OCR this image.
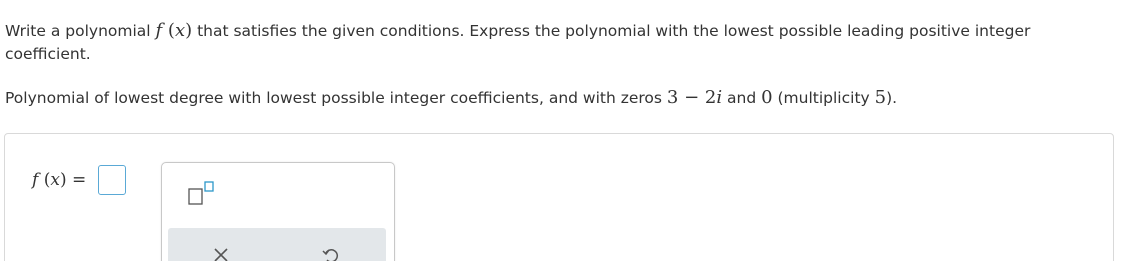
Write a polynomial f (x) that satisfies the given conditions. Express the polynomial with the lowest possible leading positive integer coefficient.
Polynomial of lowest degree with lowest possible integer coefficients, and with zeros 3 − 2i and 0 (multiplicity 5).
f (x) =
